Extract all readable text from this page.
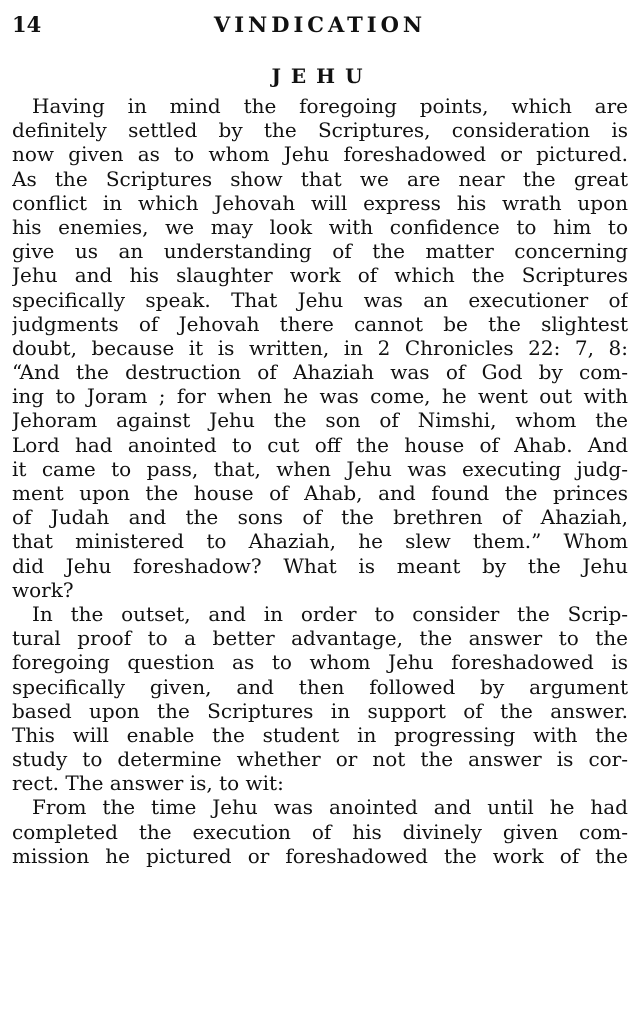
14	VINDICATION
JEHU
Having in mind the foregoing points, which are
definitely settled by the Scriptures, consideration is
now given as to whom Jehu foreshadowed or pictured.
As the Scriptures show that we are near the great
conflict in which Jehovah will express his wrath upon
his enemies, we may look with confidence to him to
give us an understanding of the matter concerning
Jehu and his slaughter work of which the Scriptures
specifically speak. That Jehu was an executioner of
judgments of Jehovah there cannot be the slightest
doubt, because it is written, in 2 Chronicles 22: 7, 8:
“And the destruction of Ahaziah was of God by com-
ing to Joram ; for when he was come, he went out with
Jehoram against Jehu the son of Nimshi, whom the
Lord had anointed to cut off the house of Ahab. And
it came to pass, that, when Jehu was executing judg-
ment upon the house of Ahab, and found the princes
of Judah and the sons of the brethren of Ahaziah,
that ministered to Ahaziah, he slew them.” Whom
did Jehu foreshadow? What is meant by the Jehu
work?
In the outset, and in order to consider the Scrip-
tural proof to a better advantage, the answer to the
foregoing question as to whom Jehu foreshadowed is
specifically given, and then followed by argument
based upon the Scriptures in support of the answer.
This will enable the student in progressing with the
study to determine whether or not the answer is cor-
rect. The answer is, to wit:
From the time Jehu was anointed and until he had
completed the execution of his divinely given com-
mission he pictured or foreshadowed the work of the
